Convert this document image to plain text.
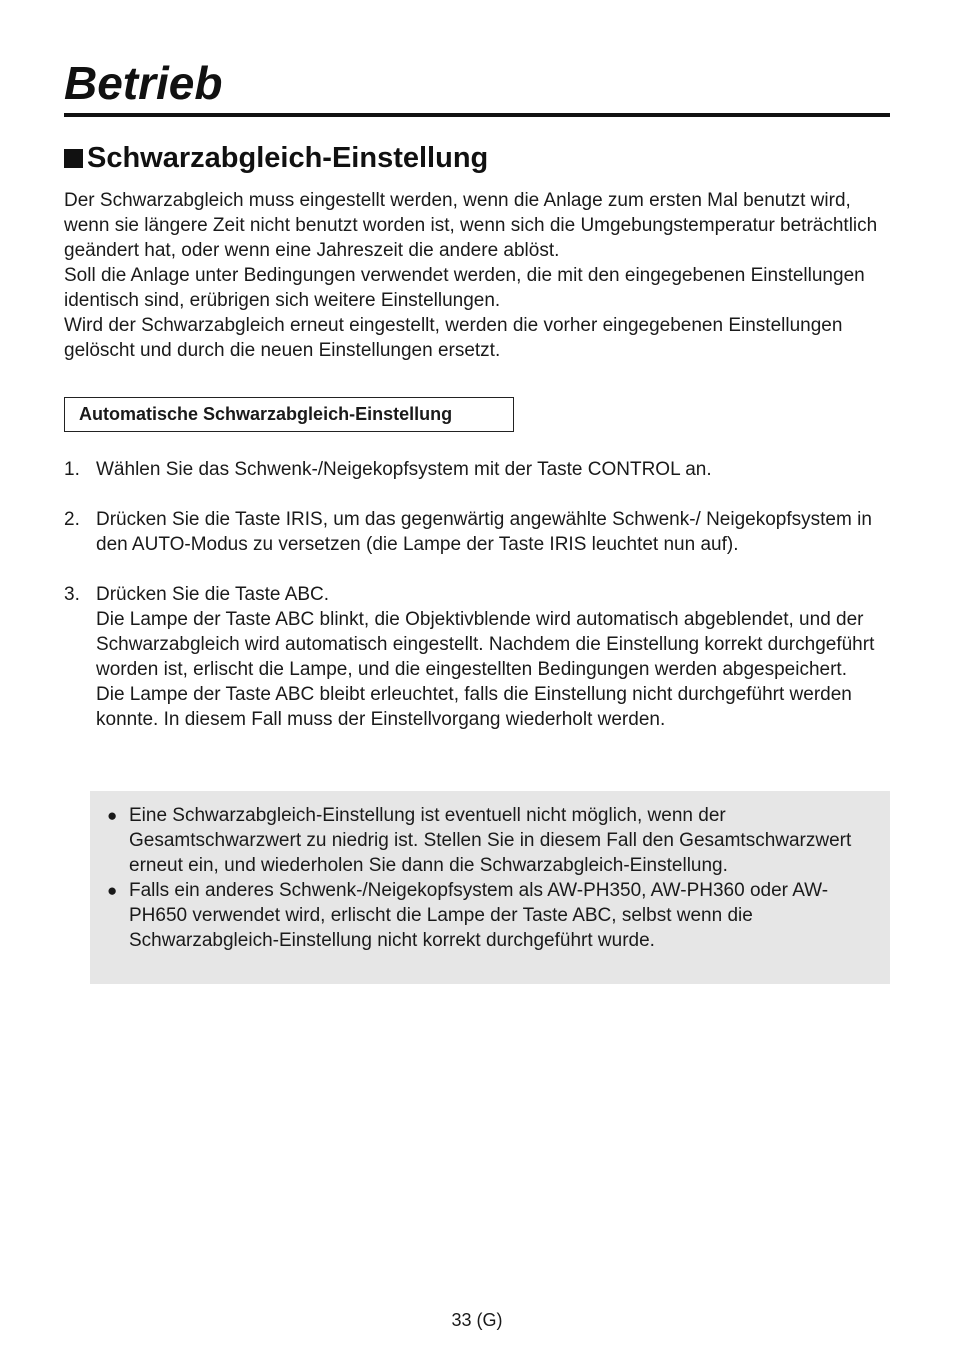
Betrieb
Schwarzabgleich-Einstellung

Der Schwarzabgleich muss eingestellt werden, wenn die Anlage zum ersten Mal benutzt wird, wenn sie längere Zeit nicht benutzt worden ist, wenn sich die Umgebungstemperatur beträchtlich geändert hat, oder wenn eine Jahreszeit die andere ablöst.

Soll die Anlage unter Bedingungen verwendet werden, die mit den eingegebenen Einstellungen identisch sind, erübrigen sich weitere Einstellungen.

Wird der Schwarzabgleich erneut eingestellt, werden die vorher eingegebenen Einstellungen gelöscht und durch die neuen Einstellungen ersetzt.

Automatische Schwarzabgleich-Einstellung
1. Wählen Sie das Schwenk-/Neigekopfsystem mit der Taste CONTROL an.

2. Drücken Sie die Taste IRIS, um das gegenwärtig angewählte Schwenk-/ Neigekopfsystem in den AUTO-Modus zu versetzen (die Lampe der Taste IRIS leuchtet nun auf).

3. Drücken Sie die Taste ABC.

Die Lampe der Taste ABC blinkt, die Objektivblende wird automatisch abgeblendet, und der Schwarzabgleich wird automatisch eingestellt. Nachdem die Einstellung korrekt durchgeführt worden ist, erlischt die Lampe, und die eingestellten Bedingungen werden abgespeichert.

Die Lampe der Taste ABC bleibt erleuchtet, falls die Einstellung nicht durchgeführt werden konnte. In diesem Fall muss der Einstellvorgang wiederholt werden.

● Eine Schwarzabgleich-Einstellung ist eventuell nicht möglich, wenn der Gesamtschwarzwert zu niedrig ist. Stellen Sie in diesem Fall den Gesamtschwarzwert erneut ein, und wiederholen Sie dann die Schwarzabgleich-Einstellung.
● Falls ein anderes Schwenk-/Neigekopfsystem als AW-PH350, AW-PH360 oder AW-PH650 verwendet wird, erlischt die Lampe der Taste ABC, selbst wenn die Schwarzabgleich-Einstellung nicht korrekt durchgeführt wurde.
33 (G)
